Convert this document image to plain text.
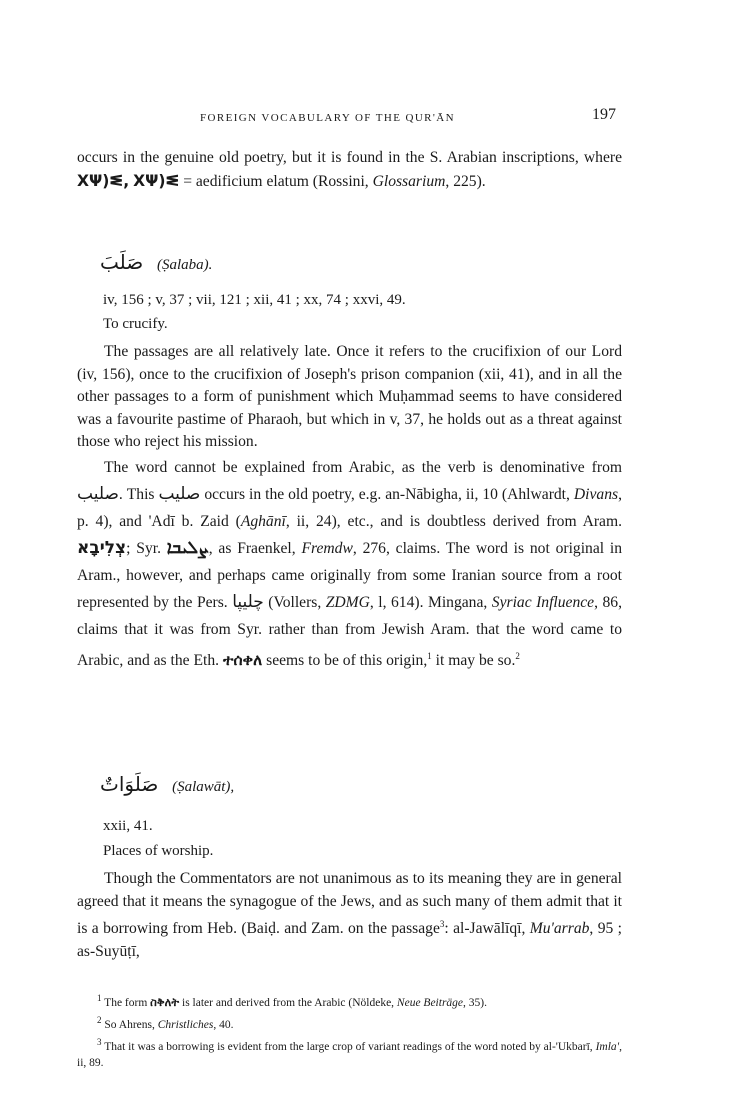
FOREIGN VOCABULARY OF THE QUR'ĀN	197

occurs in the genuine old poetry, but it is found in the S. Arabian inscriptions, where ΧΨ)ᓬ, ΧΨ)ᓬ = aedificium elatum (Rossini, Glossarium, 225).

صَلَبَ (Ṣalaba).
iv, 156 ; v, 37 ; vii, 121 ; xii, 41 ; xx, 74 ; xxvi, 49.
To crucify.

The passages are all relatively late. Once it refers to the crucifixion of our Lord (iv, 156), once to the crucifixion of Joseph's prison companion (xii, 41), and in all the other passages to a form of punishment which Muḥammad seems to have considered was a favourite pastime of Pharaoh, but which in v, 37, he holds out as a threat against those who reject his mission.

The word cannot be explained from Arabic, as the verb is denominative from صليب. This صليب occurs in the old poetry, e.g. an-Nābigha, ii, 10 (Ahlwardt, Divans, p. 4), and 'Adī b. Zaid (Aghānī, ii, 24), etc., and is doubtless derived from Aram. צְלִיבָא; Syr. ܨܠܝܒܐ, as Fraenkel, Fremdw, 276, claims. The word is not original in Aram., however, and perhaps came originally from some Iranian source from a root represented by the Pers. چليپا (Vollers, ZDMG, l, 614). Mingana, Syriac Influence, 86, claims that it was from Syr. rather than from Jewish Aram. that the word came to Arabic, and as the Eth. ተሰቀለ seems to be of this origin,$^1$ it may be so.$^2$

صَلَوَاتٌ (Ṣalawāt),
xxii, 41.
Places of worship.

Though the Commentators are not unanimous as to its meaning they are in general agreed that it means the synagogue of the Jews, and as such many of them admit that it is a borrowing from Heb. (Baiḍ. and Zam. on the passage$^3$: al-Jawālīqī, Mu'arrab, 95 ; as-Suyūṭī,

$^1$ The form ስቅለት is later and derived from the Arabic (Nöldeke, Neue Beiträge, 35).

$^2$ So Ahrens, Christliches, 40.

$^3$ That it was a borrowing is evident from the large crop of variant readings of the word noted by al-'Ukbarī, Imla', ii, 89.
